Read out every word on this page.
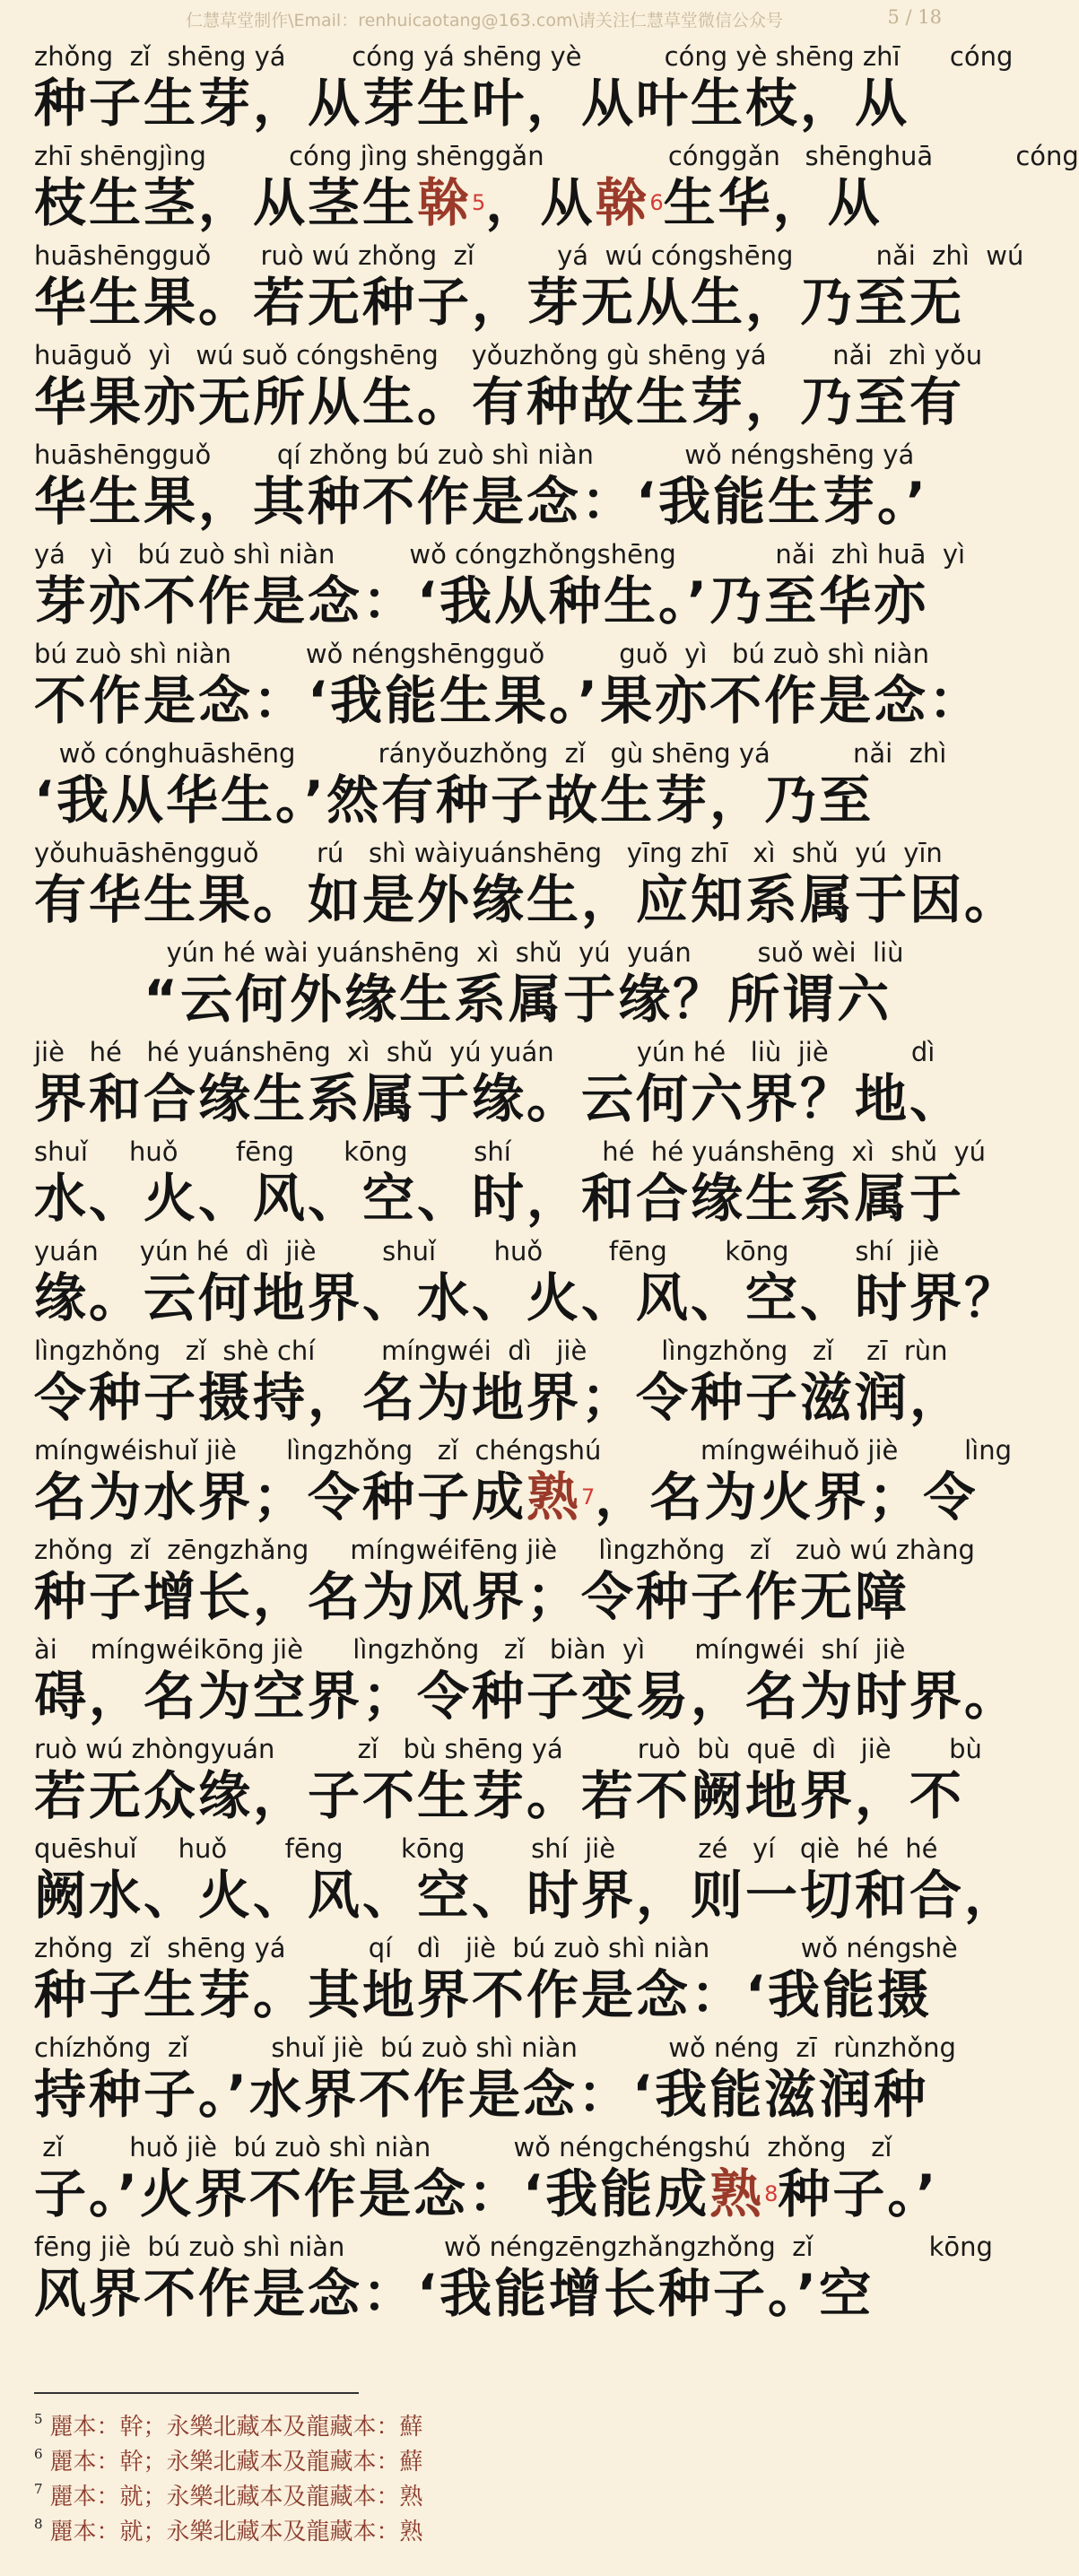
仁慧草堂制作\Email：renhuicaotang@163.com\请关注仁慧草堂微信公众号	5 / 18
zhǒng  zǐ  shēng yá        cóng yá shēng yè          cóng yè shēng zhī      cóng
种子生芽，从芽生叶，从叶生枝，从
zhī shēngjìng          cóng jìng shēnggǎn               cónggǎn   shēnghuā          cóng
枝生茎，从茎生榦$^5$，从榦$^6$生华，从
huāshēngguǒ      ruò wú zhǒng  zǐ          yá  wú cóngshēng          nǎi  zhì  wú
华生果。若无种子，芽无从生，乃至无
huāguǒ  yì   wú suǒ cóngshēng    yǒuzhǒng gù shēng yá        nǎi  zhì yǒu
华果亦无所从生。有种故生芽，乃至有
huāshēngguǒ        qí zhǒng bú zuò shì niàn           wǒ néngshēng yá
华生果，其种不作是念：‘我能生芽。’
yá   yì   bú zuò shì niàn         wǒ cóngzhǒngshēng            nǎi  zhì huā  yì
芽亦不作是念：‘我从种生。’乃至华亦
bú zuò shì niàn         wǒ néngshēngguǒ         guǒ  yì   bú zuò shì niàn
不作是念：‘我能生果。’果亦不作是念：
wǒ cónghuāshēng          rányǒuzhǒng  zǐ   gù shēng yá          nǎi  zhì
‘我从华生。’然有种子故生芽，乃至
yǒuhuāshēngguǒ       rú   shì wàiyuánshēng   yīng zhī   xì  shǔ  yú  yīn
有华生果。如是外缘生，应知系属于因。
yún hé wài yuánshēng  xì  shǔ  yú  yuán        suǒ wèi  liù
　　“云何外缘生系属于缘？所谓六
jiè   hé   hé yuánshēng  xì  shǔ  yú yuán          yún hé   liù  jiè          dì
界和合缘生系属于缘。云何六界？地、
shuǐ     huǒ       fēng      kōng        shí           hé  hé yuánshēng  xì  shǔ  yú
水、火、风、空、时，和合缘生系属于
yuán     yún hé  dì  jiè        shuǐ       huǒ        fēng       kōng        shí  jiè
缘。云何地界、水、火、风、空、时界？
lìngzhǒng   zǐ  shè chí        míngwéi  dì   jiè         lìngzhǒng   zǐ    zī  rùn
令种子摄持，名为地界；令种子滋润，
míngwéishuǐ jiè      lìngzhǒng   zǐ  chéngshú            míngwéihuǒ jiè        lìng
名为水界；令种子成熟$^7$，名为火界；令
zhǒng  zǐ  zēngzhǎng     míngwéifēng jiè     lìngzhǒng   zǐ   zuò wú zhàng
种子增长，名为风界；令种子作无障
ài    míngwéikōng jiè      lìngzhǒng   zǐ   biàn  yì      míngwéi  shí  jiè
碍，名为空界；令种子变易，名为时界。
ruò wú zhòngyuán          zǐ   bù shēng yá         ruò  bù  quē  dì   jiè       bù
若无众缘，子不生芽。若不阙地界，不
quēshuǐ     huǒ       fēng       kōng        shí  jiè          zé   yí   qiè  hé  hé
阙水、火、风、空、时界，则一切和合，
zhǒng  zǐ  shēng yá          qí   dì   jiè  bú zuò shì niàn           wǒ néngshè
种子生芽。其地界不作是念：‘我能摄
chízhǒng  zǐ          shuǐ jiè  bú zuò shì niàn           wǒ néng  zī  rùnzhǒng
持种子。’水界不作是念：‘我能滋润种
zǐ        huǒ jiè  bú zuò shì niàn          wǒ néngchéngshú  zhǒng   zǐ
子。’火界不作是念：‘我能成熟$^8$种子。’
fēng jiè  bú zuò shì niàn            wǒ néngzēngzhǎngzhǒng  zǐ              kōng
风界不作是念：‘我能增长种子。’空
$^5$ 麗本：幹；永樂北藏本及龍藏本：蘚
$^6$ 麗本：幹；永樂北藏本及龍藏本：蘚
$^7$ 麗本：就；永樂北藏本及龍藏本：熟
$^8$ 麗本：就；永樂北藏本及龍藏本：熟
